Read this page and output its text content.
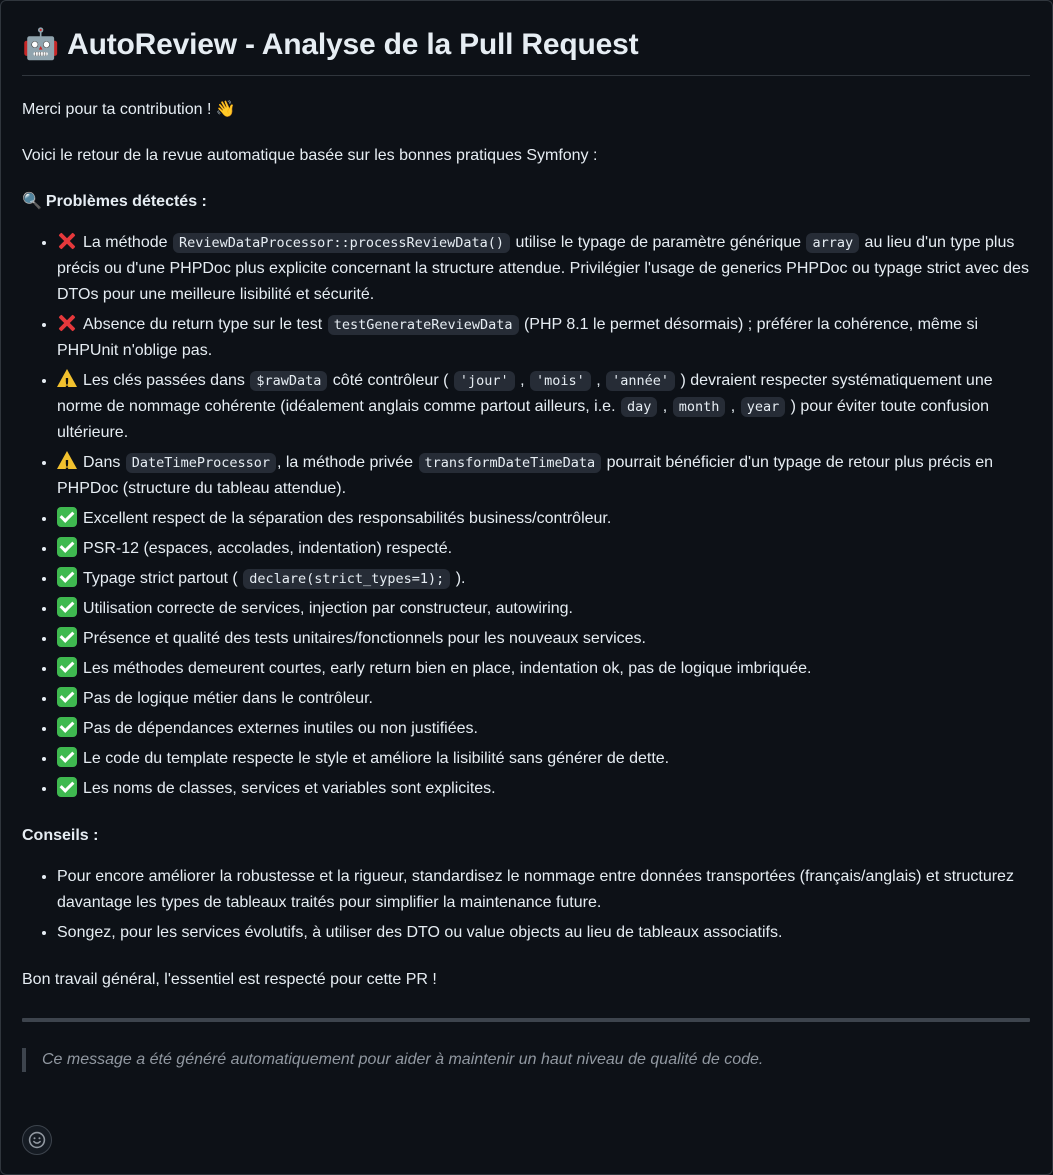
🤖 AutoReview - Analyse de la Pull Request

Merci pour ta contribution ! 👋

Voici le retour de la revue automatique basée sur les bonnes pratiques Symfony :

🔍 Problèmes détectés :

• La méthode ReviewDataProcessor::processReviewData() utilise le typage de paramètre générique array au lieu d'un type plus précis ou d'une PHPDoc plus explicite concernant la structure attendue. Privilégier l'usage de generics PHPDoc ou typage strict avec des DTOs pour une meilleure lisibilité et sécurité.
• Absence du return type sur le test testGenerateReviewData (PHP 8.1 le permet désormais) ; préférer la cohérence, même si PHPUnit n'oblige pas.
!• Les clés passées dans $rawData côté contrôleur ( 'jour' , 'mois' , 'année' ) devraient respecter systématiquement une norme de nommage cohérente (idéalement anglais comme partout ailleurs, i.e. day , month , year ) pour éviter toute confusion ultérieure.
!• Dans DateTimeProcessor , la méthode privée transformDateTimeData pourrait bénéficier d'un typage de retour plus précis en PHPDoc (structure du tableau attendue).
• Excellent respect de la séparation des responsabilités business/contrôleur.
• PSR-12 (espaces, accolades, indentation) respecté.
• Typage strict partout ( declare(strict_types=1); ).
• Utilisation correcte de services, injection par constructeur, autowiring.
• Présence et qualité des tests unitaires/fonctionnels pour les nouveaux services.
• Les méthodes demeurent courtes, early return bien en place, indentation ok, pas de logique imbriquée.
• Pas de logique métier dans le contrôleur.
• Pas de dépendances externes inutiles ou non justifiées.
• Le code du template respecte le style et améliore la lisibilité sans générer de dette.
• Les noms de classes, services et variables sont explicites.

Conseils :

• Pour encore améliorer la robustesse et la rigueur, standardisez le nommage entre données transportées (français/anglais) et structurez davantage les types de tableaux traités pour simplifier la maintenance future.
• Songez, pour les services évolutifs, à utiliser des DTO ou value objects au lieu de tableaux associatifs.

Bon travail général, l'essentiel est respecté pour cette PR !

Ce message a été généré automatiquement pour aider à maintenir un haut niveau de qualité de code.
